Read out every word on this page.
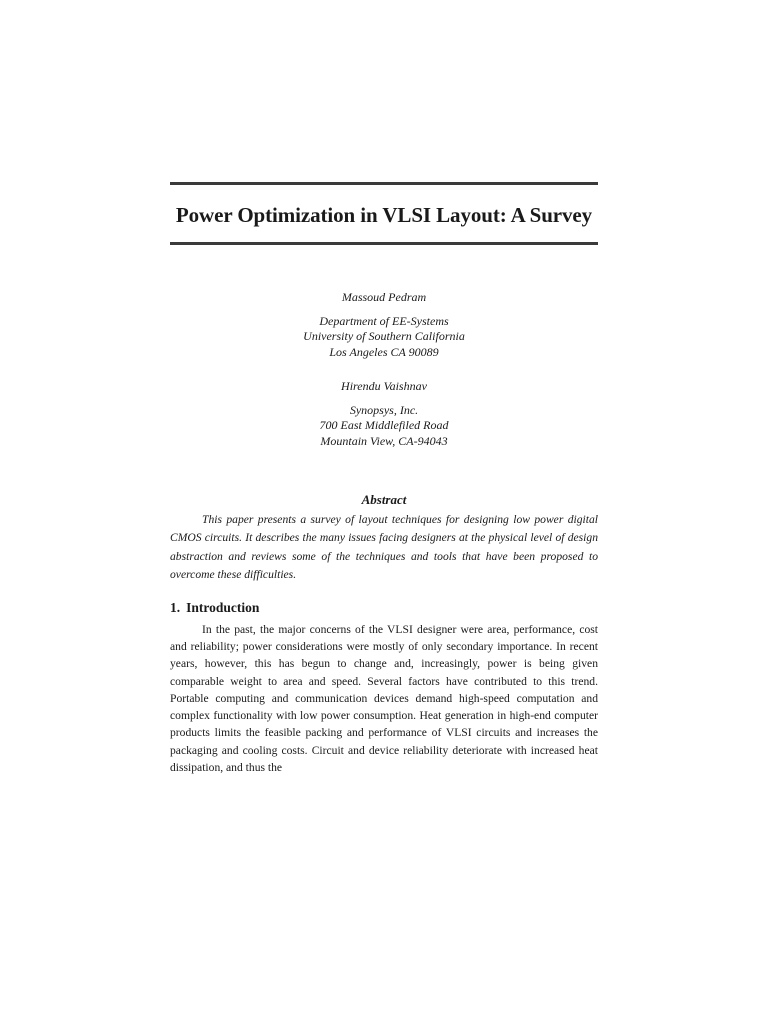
Power Optimization in VLSI Layout: A Survey
Massoud Pedram
Department of EE-Systems
University of Southern California
Los Angeles CA 90089
Hirendu Vaishnav
Synopsys, Inc.
700 East Middlefiled Road
Mountain View, CA-94043
Abstract
This paper presents a survey of layout techniques for designing low power digital CMOS circuits. It describes the many issues facing designers at the physical level of design abstraction and reviews some of the techniques and tools that have been proposed to overcome these difficulties.
1. Introduction
In the past, the major concerns of the VLSI designer were area, performance, cost and reliability; power considerations were mostly of only secondary importance. In recent years, however, this has begun to change and, increasingly, power is being given comparable weight to area and speed. Several factors have contributed to this trend. Portable computing and communication devices demand high-speed computation and complex functionality with low power consumption. Heat generation in high-end computer products limits the feasible packing and performance of VLSI circuits and increases the packaging and cooling costs. Circuit and device reliability deteriorate with increased heat dissipation, and thus the
